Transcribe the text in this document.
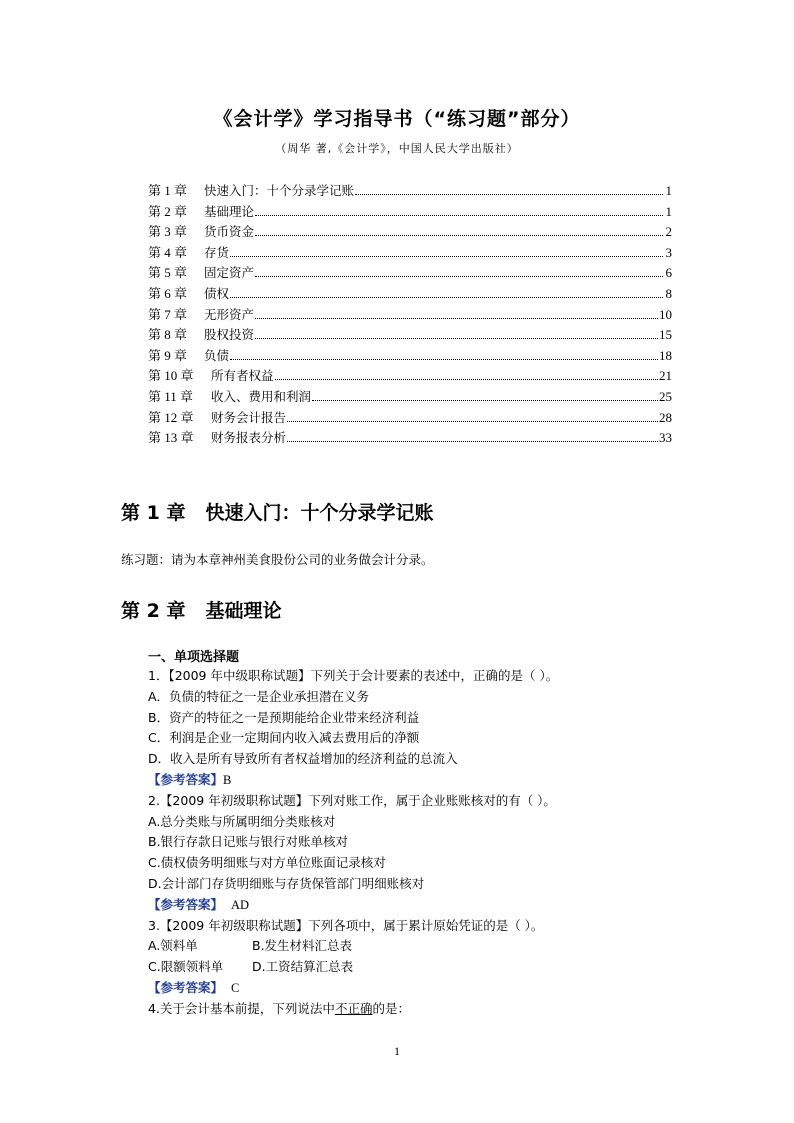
《会计学》学习指导书（“练习题”部分）
（周华 著,《会计学》，中国人民大学出版社）
第 1 章	快速入门：十个分录学记账	1
第 2 章	基础理论	1
第 3 章	货币资金	2
第 4 章	存货	3
第 5 章	固定资产	6
第 6 章	债权	8
第 7 章	无形资产	10
第 8 章	股权投资	15
第 9 章	负债	18
第 10 章	所有者权益	21
第 11 章	收入、费用和利润	25
第 12 章	财务会计报告	28
第 13 章	财务报表分析	33
第 1 章 快速入门：十个分录学记账
练习题：请为本章神州美食股份公司的业务做会计分录。
第 2 章 基础理论
一、单项选择题
1．【2009 年中级职称试题】下列关于会计要素的表述中，正确的是（ ）。
A．负债的特征之一是企业承担潜在义务
B．资产的特征之一是预期能给企业带来经济利益
C．利润是企业一定期间内收入减去费用后的净额
D．收入是所有导致所有者权益增加的经济利益的总流入
【参考答案】B
2.【2009 年初级职称试题】下列对账工作，属于企业账账核对的有（ ）。
A.总分类账与所属明细分类账核对
B.银行存款日记账与银行对账单核对
C.债权债务明细账与对方单位账面记录核对
D.会计部门存货明细账与存货保管部门明细账核对
【参考答案】 AD
3.【2009 年初级职称试题】下列各项中，属于累计原始凭证的是（ ）。
A.领料单	B.发生材料汇总表
C.限额领料单 D.工资结算汇总表
【参考答案】 C
4.关于会计基本前提，下列说法中不正确的是：
1
